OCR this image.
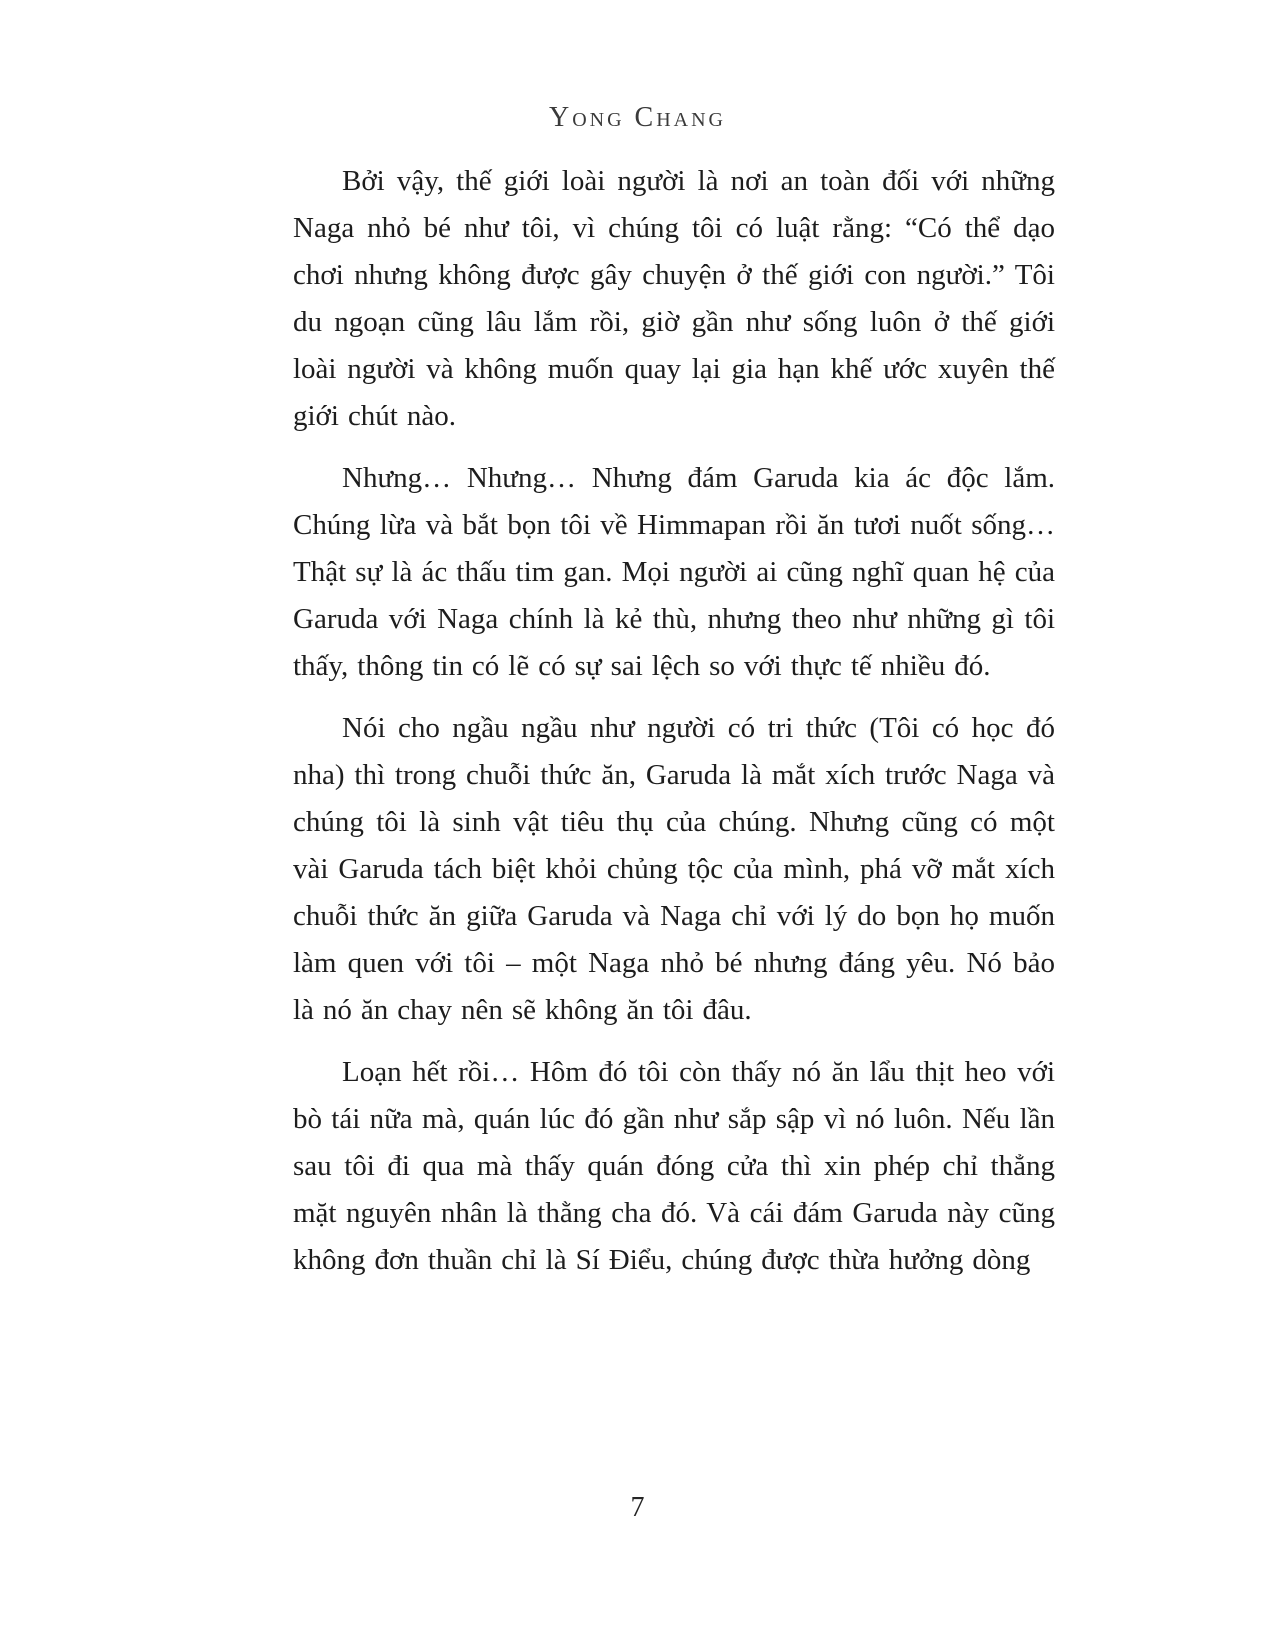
Yong Chang

Bởi vậy, thế giới loài người là nơi an toàn đối với những Naga nhỏ bé như tôi, vì chúng tôi có luật rằng: “Có thể dạo chơi nhưng không được gây chuyện ở thế giới con người.” Tôi du ngoạn cũng lâu lắm rồi, giờ gần như sống luôn ở thế giới loài người và không muốn quay lại gia hạn khế ước xuyên thế giới chút nào.

Nhưng… Nhưng… Nhưng đám Garuda kia ác độc lắm. Chúng lừa và bắt bọn tôi về Himmapan rồi ăn tươi nuốt sống… Thật sự là ác thấu tim gan. Mọi người ai cũng nghĩ quan hệ của Garuda với Naga chính là kẻ thù, nhưng theo như những gì tôi thấy, thông tin có lẽ có sự sai lệch so với thực tế nhiều đó.

Nói cho ngầu ngầu như người có tri thức (Tôi có học đó nha) thì trong chuỗi thức ăn, Garuda là mắt xích trước Naga và chúng tôi là sinh vật tiêu thụ của chúng. Nhưng cũng có một vài Garuda tách biệt khỏi chủng tộc của mình, phá vỡ mắt xích chuỗi thức ăn giữa Garuda và Naga chỉ với lý do bọn họ muốn làm quen với tôi – một Naga nhỏ bé nhưng đáng yêu. Nó bảo là nó ăn chay nên sẽ không ăn tôi đâu.

Loạn hết rồi… Hôm đó tôi còn thấy nó ăn lẩu thịt heo với bò tái nữa mà, quán lúc đó gần như sắp sập vì nó luôn. Nếu lần sau tôi đi qua mà thấy quán đóng cửa thì xin phép chỉ thẳng mặt nguyên nhân là thằng cha đó. Và cái đám Garuda này cũng không đơn thuần chỉ là Sí Điểu, chúng được thừa hưởng dòng

7
